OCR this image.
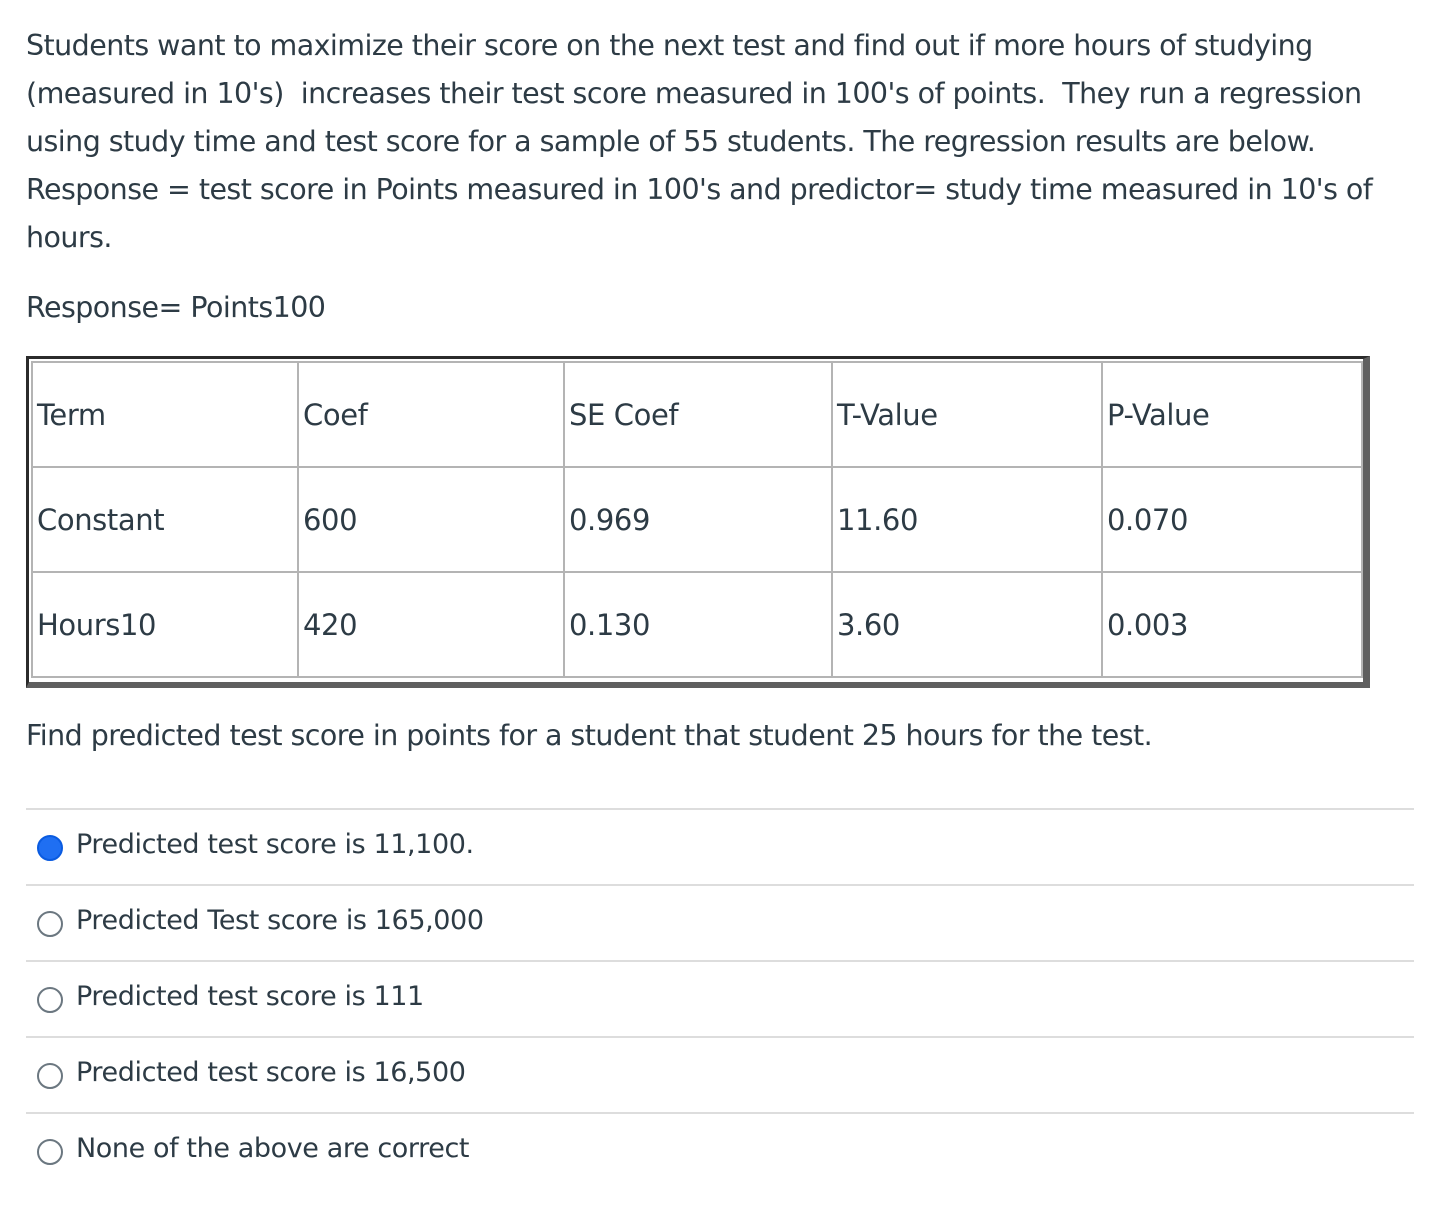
Students want to maximize their score on the next test and find out if more hours of studying
(measured in 10's)  increases their test score measured in 100's of points.  They run a regression
using study time and test score for a sample of 55 students. The regression results are below.
Response = test score in Points measured in 100's and predictor= study time measured in 10's of
hours.
Response= Points100
Term	Coef	SE Coef	T-Value	P-Value
Constant	600	0.969	11.60	0.070
Hours10	420	0.130	3.60	0.003
Find predicted test score in points for a student that student 25 hours for the test.
Predicted test score is 11,100.
Predicted Test score is 165,000
Predicted test score is 111
Predicted test score is 16,500
None of the above are correct
